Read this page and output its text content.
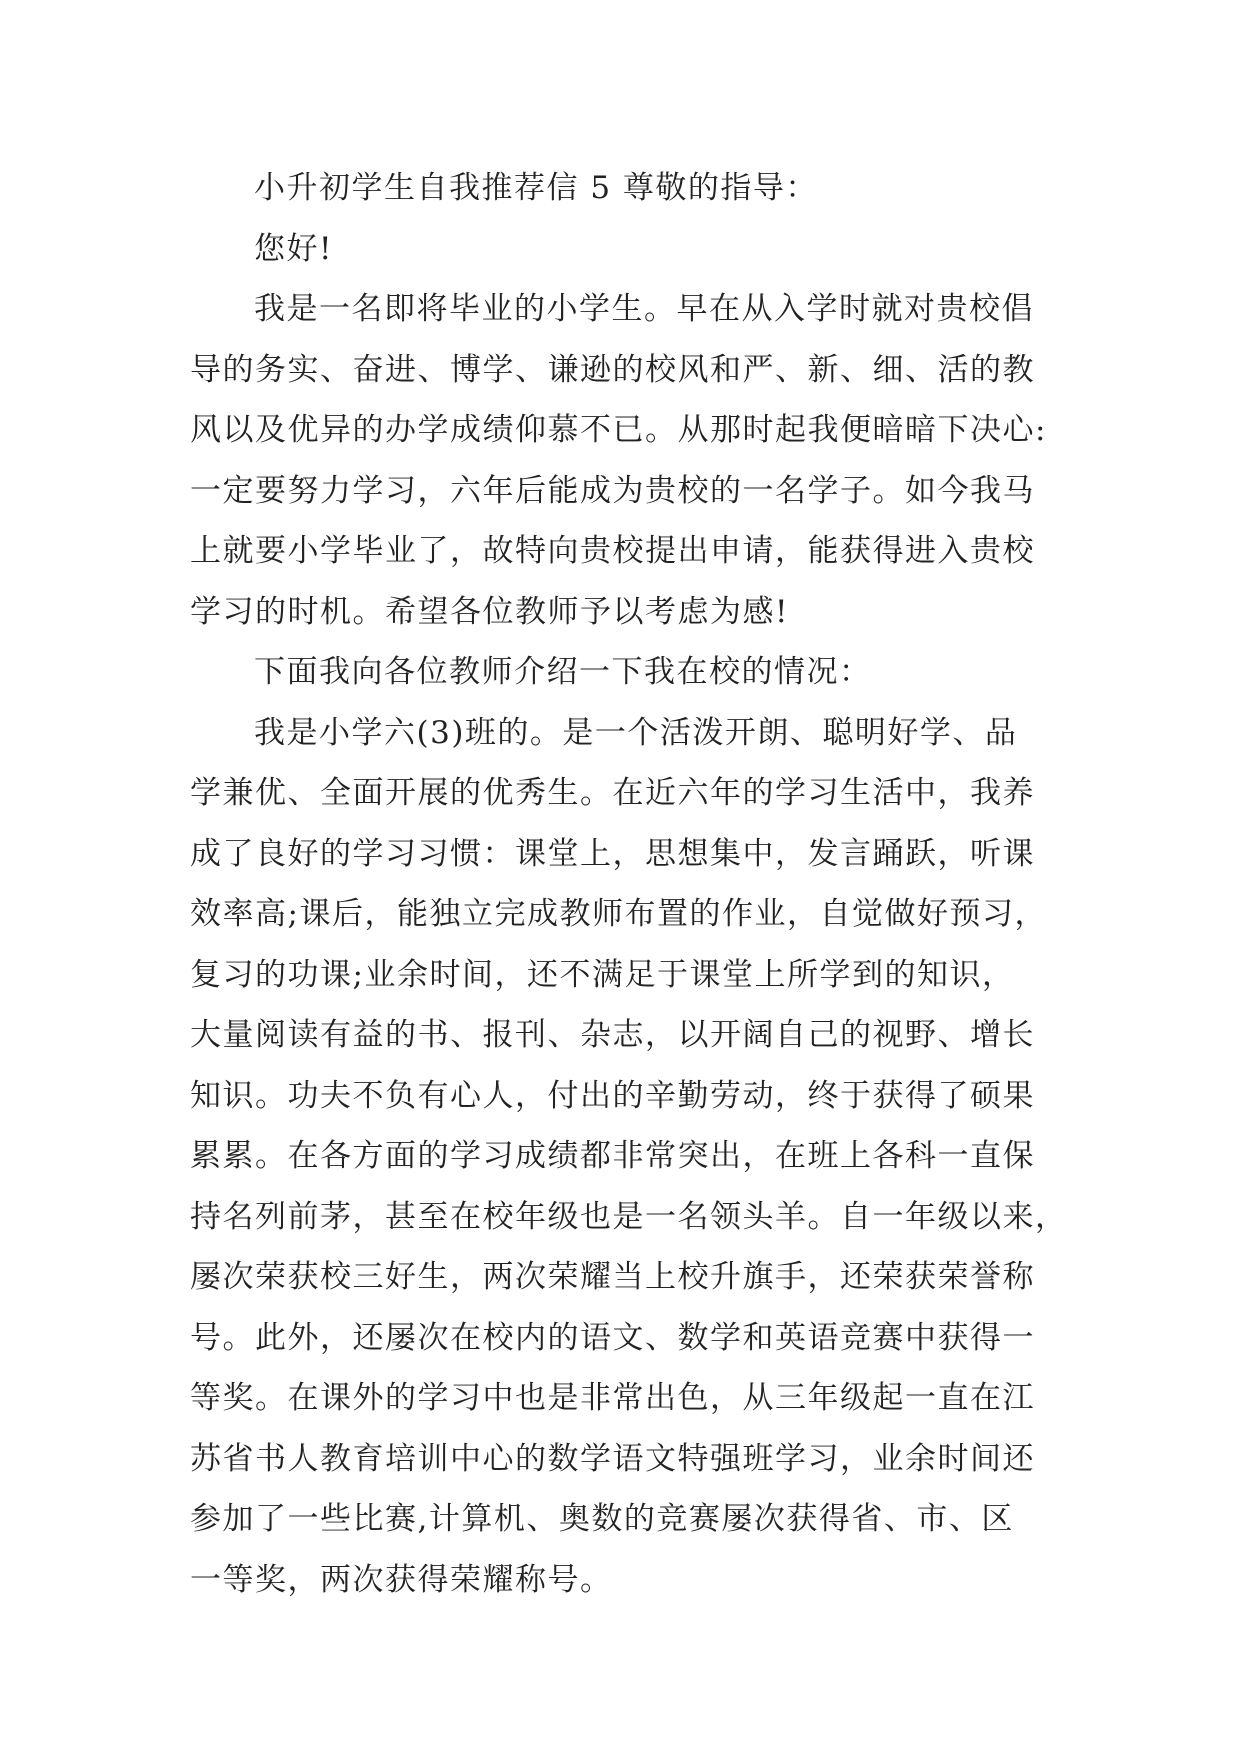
小升初学生自我推荐信 5 尊敬的指导：
您好!
我是一名即将毕业的小学生。早在从入学时就对贵校倡
导的务实、奋进、博学、谦逊的校风和严、新、细、活的教
风以及优异的办学成绩仰慕不已。从那时起我便暗暗下决心:
一定要努力学习，六年后能成为贵校的一名学子。如今我马
上就要小学毕业了，故特向贵校提出申请，能获得进入贵校
学习的时机。希望各位教师予以考虑为感!
下面我向各位教师介绍一下我在校的情况：
我是小学六(3)班的。是一个活泼开朗、聪明好学、品
学兼优、全面开展的优秀生。在近六年的学习生活中，我养
成了良好的学习习惯：课堂上，思想集中，发言踊跃，听课
效率高;课后，能独立完成教师布置的作业，自觉做好预习，
复习的功课;业余时间，还不满足于课堂上所学到的知识，
大量阅读有益的书、报刊、杂志，以开阔自己的视野、增长
知识。功夫不负有心人，付出的辛勤劳动，终于获得了硕果
累累。在各方面的学习成绩都非常突出，在班上各科一直保
持名列前茅，甚至在校年级也是一名领头羊。自一年级以来，
屡次荣获校三好生，两次荣耀当上校升旗手，还荣获荣誉称
号。此外，还屡次在校内的语文、数学和英语竞赛中获得一
等奖。在课外的学习中也是非常出色，从三年级起一直在江
苏省书人教育培训中心的数学语文特强班学习，业余时间还
参加了一些比赛,计算机、奥数的竞赛屡次获得省、市、区
一等奖，两次获得荣耀称号。
